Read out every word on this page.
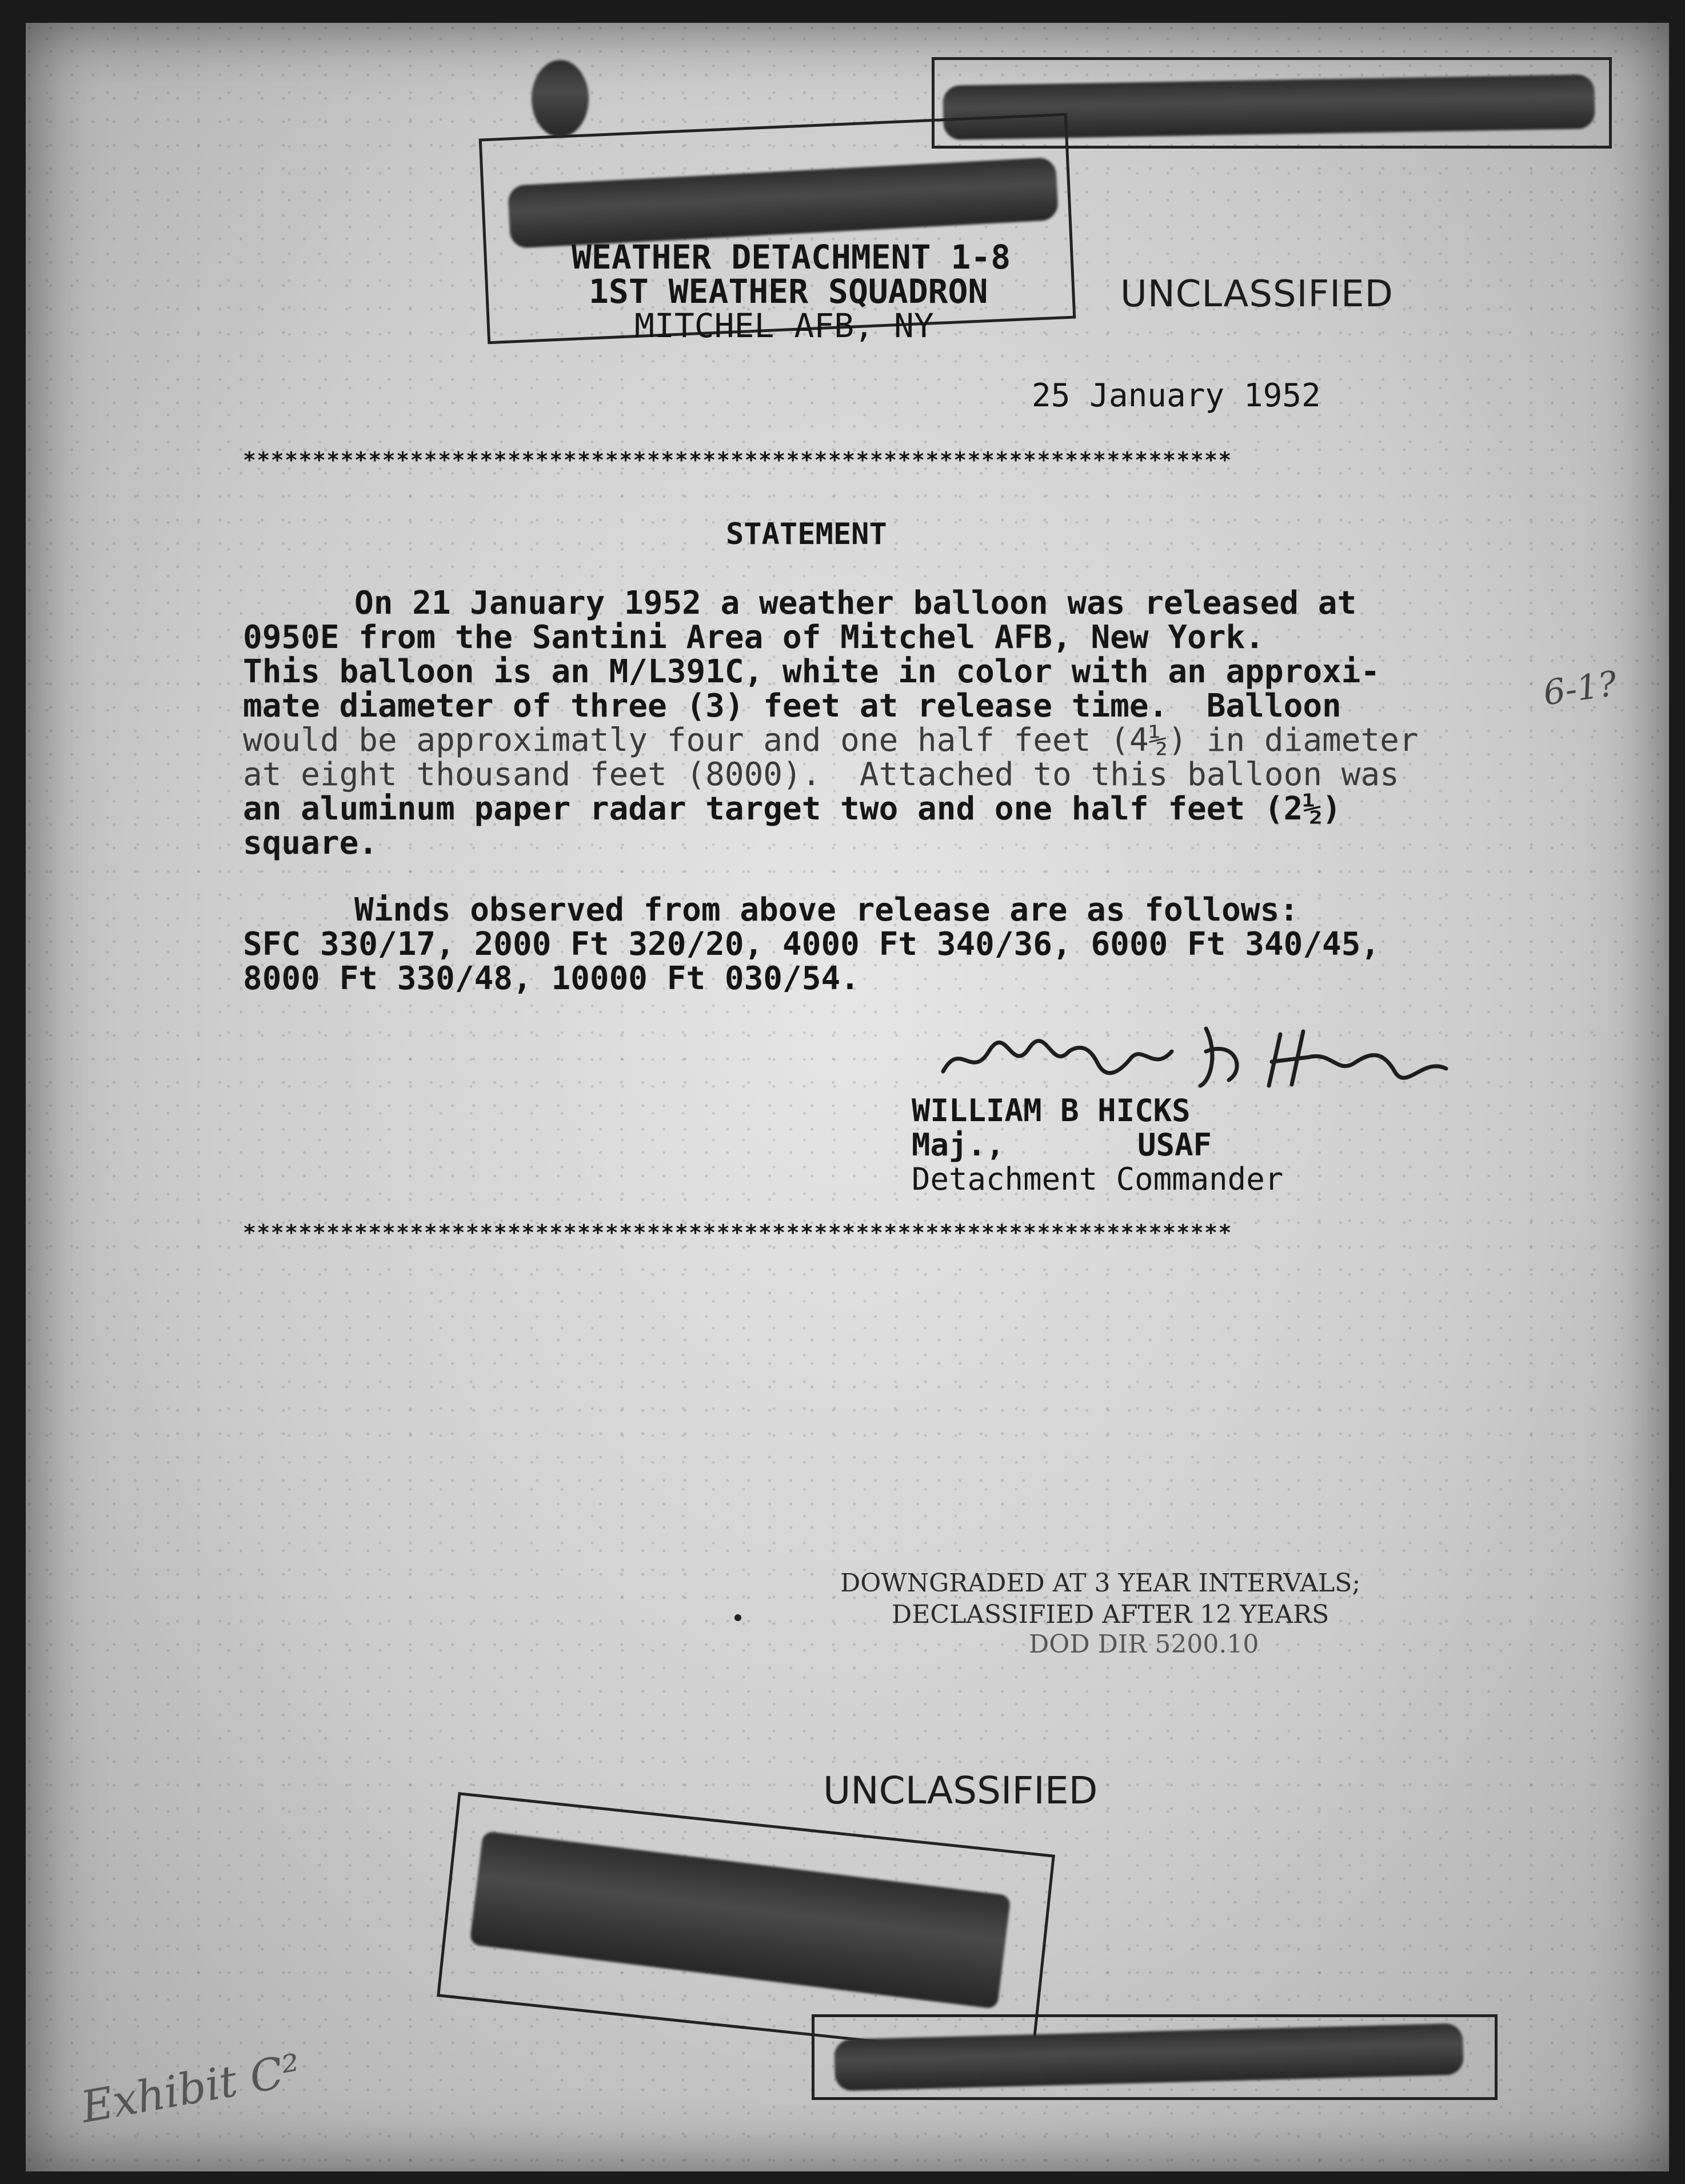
WEATHER DETACHMENT 1-8
1ST WEATHER SQUADRON
MITCHEL AFB, NY
UNCLASSIFIED
25 January 1952
***********************************************************************
STATEMENT
On 21 January 1952 a weather balloon was released at
0950E from the Santini Area of Mitchel AFB, New York.
This balloon is an M/L391C, white in color with an approxi-
mate diameter of three (3) feet at release time.  Balloon
would be approximatly four and one half feet (4½) in diameter
at eight thousand feet (8000).  Attached to this balloon was
an aluminum paper radar target two and one half feet (2½)
square.
6-1?
Winds observed from above release are as follows:
SFC 330/17, 2000 Ft 320/20, 4000 Ft 340/36, 6000 Ft 340/45,
8000 Ft 330/48, 10000 Ft 030/54.
WILLIAM B HICKS
Maj.,	USAF
Detachment Commander
***********************************************************************
DOWNGRADED AT 3 YEAR INTERVALS;
DECLASSIFIED AFTER 12 YEARS
DOD DIR 5200.10
UNCLASSIFIED
Exhibit C²
